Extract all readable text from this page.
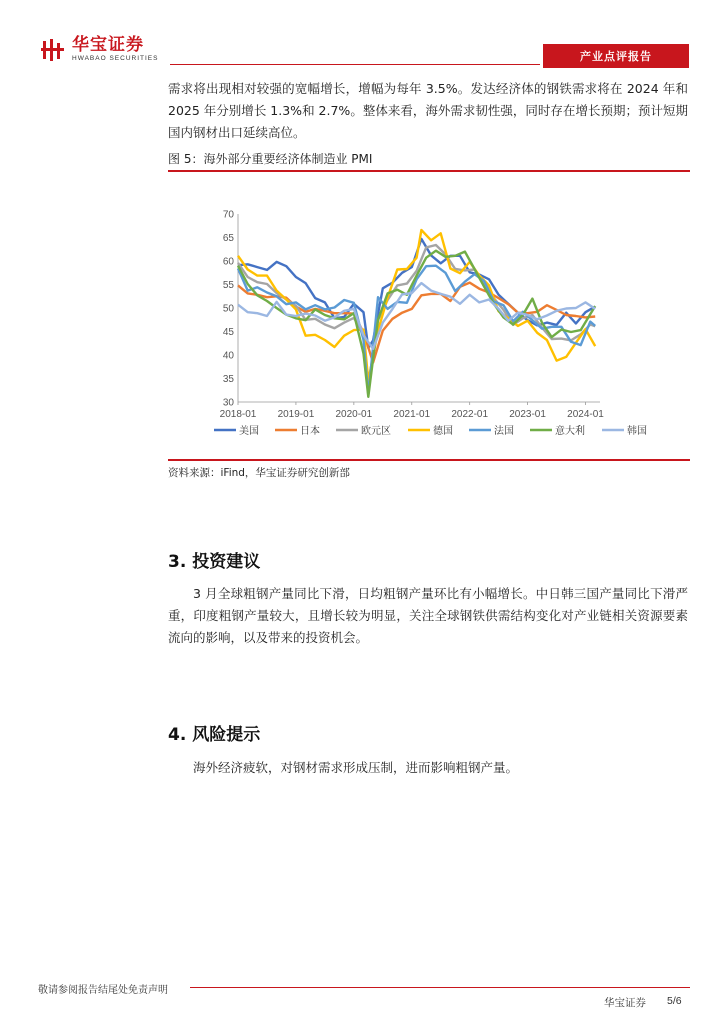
华宝证券
HWABAO SECURITIES	产业点评报告
需求将出现相对较强的宽幅增长，增幅为每年 3.5%。发达经济体的钢铁需求将在 2024 年和 2025 年分别增长 1.3%和 2.7%。整体来看，海外需求韧性强，同时存在增长预期；预计短期国内钢材出口延续高位。
图 5：海外部分重要经济体制造业 PMI
30
35
40
45
50
55
60
65
70
2018-01 2019-01 2020-01 2021-01 2022-01 2023-01 2024-01
美国	日本	欧元区	德国	法国	意大利	韩国
资料来源：iFind，华宝证券研究创新部
3. 投资建议
3 月全球粗钢产量同比下滑，日均粗钢产量环比有小幅增长。中日韩三国产量同比下滑严重，印度粗钢产量较大，且增长较为明显，关注全球钢铁供需结构变化对产业链相关资源要素流向的影响，以及带来的投资机会。
4. 风险提示
海外经济疲软，对钢材需求形成压制，进而影响粗钢产量。
敬请参阅报告结尾处免责声明
华宝证券 5/6
